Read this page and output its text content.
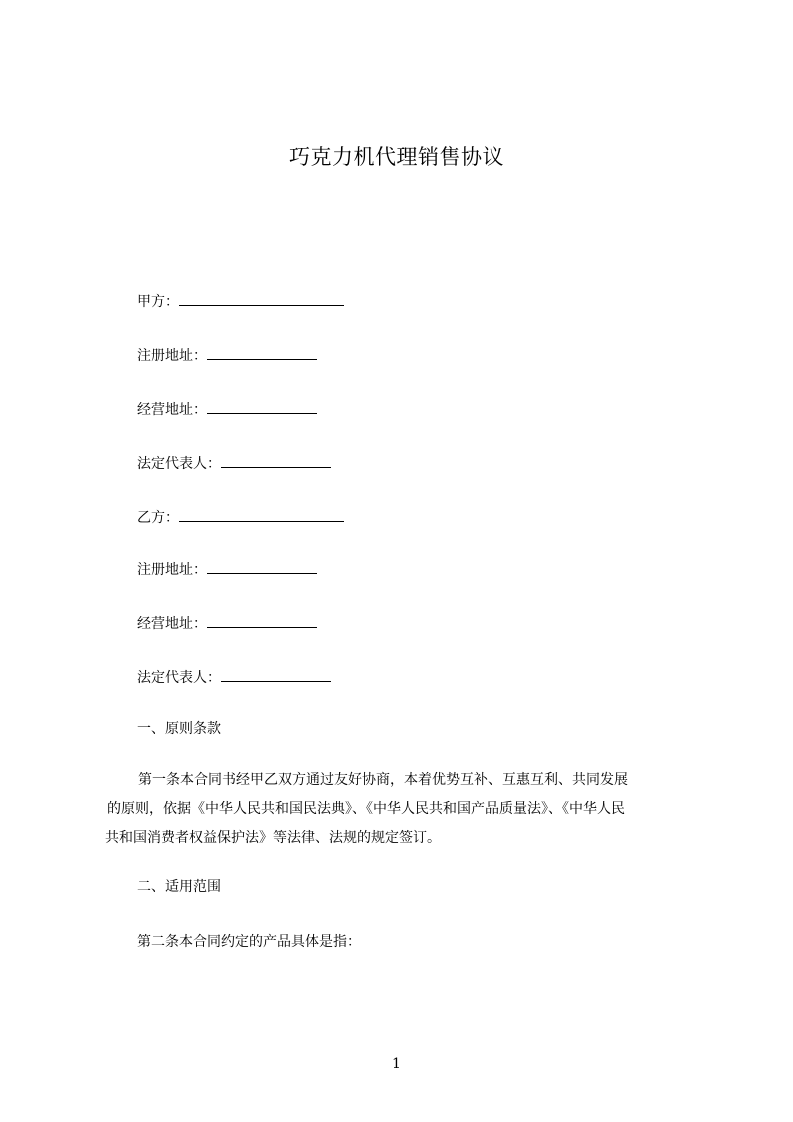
巧克力机代理销售协议
甲方：
注册地址：
经营地址：
法定代表人：
乙方：
注册地址：
经营地址：
法定代表人：
一、原则条款
第一条本合同书经甲乙双方通过友好协商，本着优势互补、互惠互利、共同发展
的原则，依据《中华人民共和国民法典》、《中华人民共和国产品质量法》、《中华人民
共和国消费者权益保护法》等法律、法规的规定签订。
二、适用范围
第二条本合同约定的产品具体是指：
1
